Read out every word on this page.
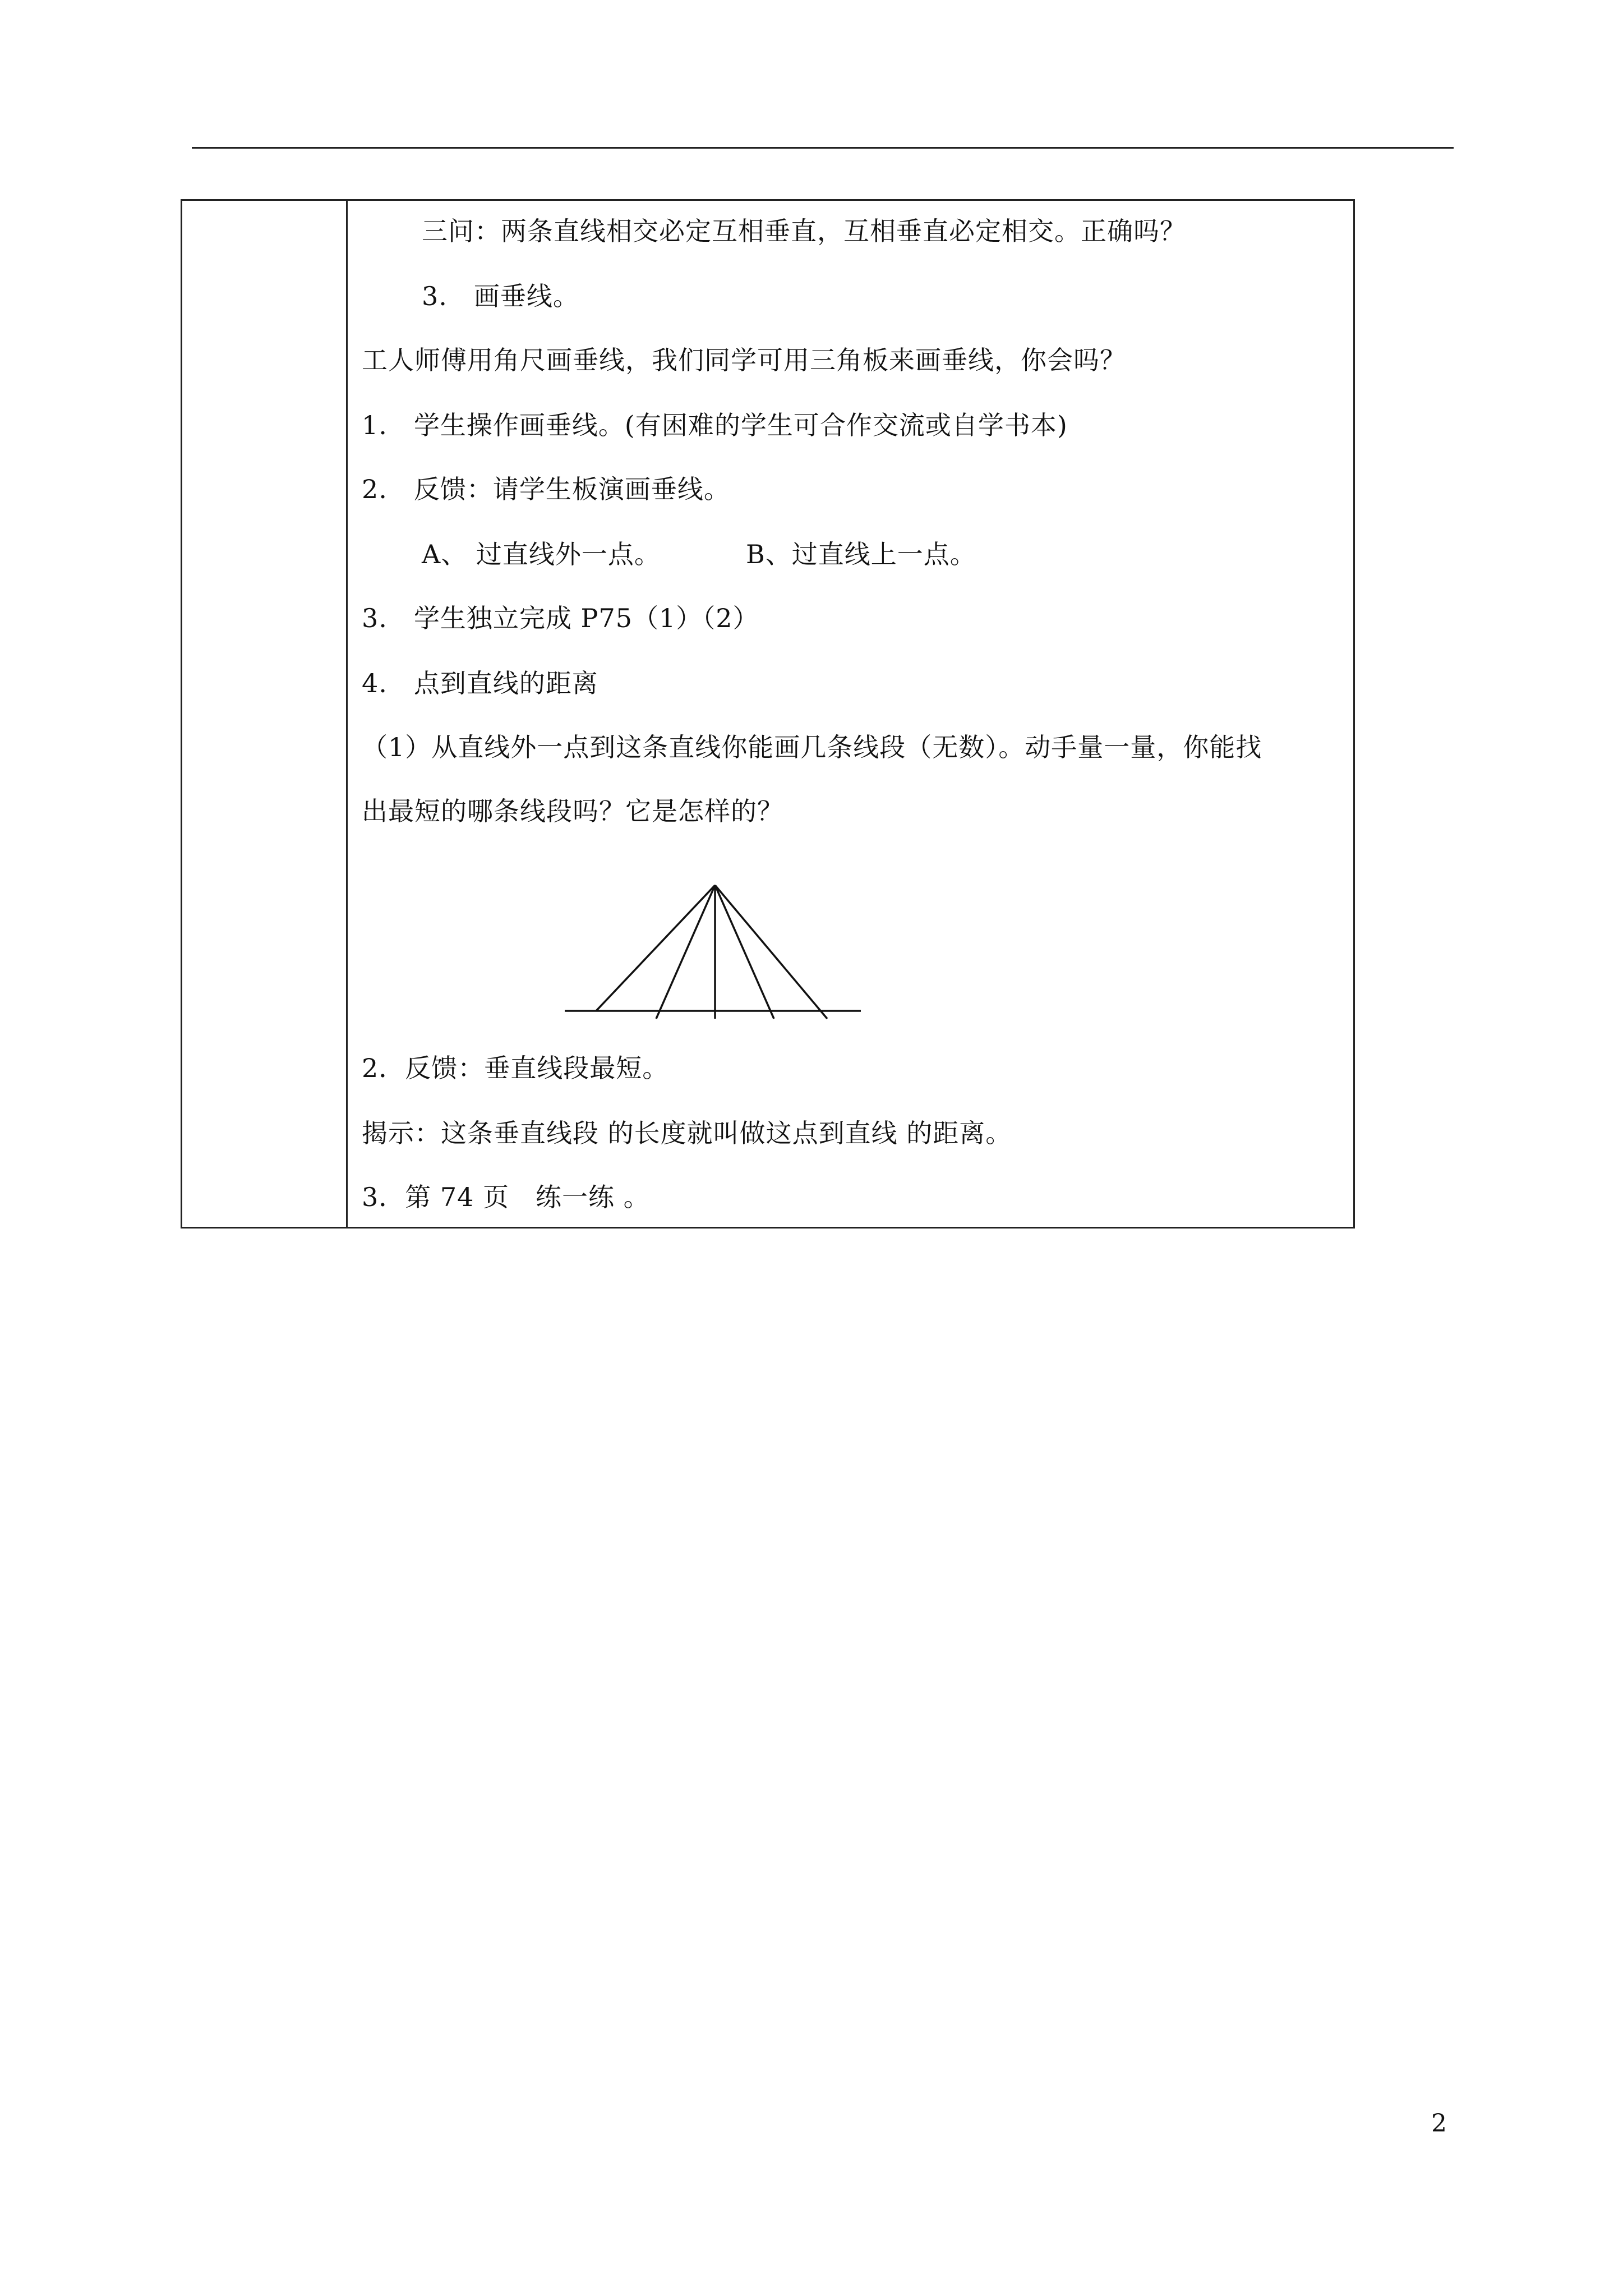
三问：两条直线相交必定互相垂直，互相垂直必定相交。正确吗？
3.　画垂线。
工人师傅用角尺画垂线，我们同学可用三角板来画垂线，你会吗？
1.　学生操作画垂线。(有困难的学生可合作交流或自学书本)
2.　反馈：请学生板演画垂线。
A、 过直线外一点。	B、过直线上一点。
3.　学生独立完成 P75（1）（2）
4.　点到直线的距离
（1）从直线外一点到这条直线你能画几条线段（无数）。动手量一量，你能找
出最短的哪条线段吗？它是怎样的？
2．反馈：垂直线段最短。
揭示：这条垂直线段 的长度就叫做这点到直线 的距离。
3．第 74 页　练一练 。
2
